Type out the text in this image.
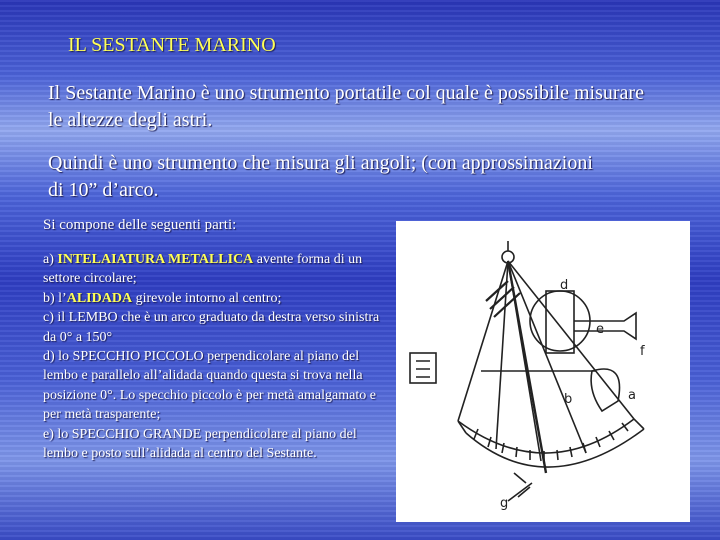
IL SESTANTE MARINO

Il Sestante Marino è uno strumento portatile col quale è possibile misurare le altezze degli astri.

Quindi è uno strumento che misura gli angoli; (con approssimazioni di 10” d’arco.

Si compone delle seguenti parti:

a) INTELAIATURA METALLICA avente forma di un settore circolare;
b) l’ALIDADA girevole intorno al centro;
c) il LEMBO che è un arco graduato da destra verso sinistra da 0° a 150°
d) lo SPECCHIO PICCOLO perpendicolare al piano del lembo e parallelo all’alidada quando questa si trova nella posizione 0°. Lo specchio piccolo è per metà amalgamato e per metà trasparente;
e) lo SPECCHIO GRANDE perpendicolare al piano del lembo e posto sull’alidada al centro del Sestante.
d
e
f
b	a
g
